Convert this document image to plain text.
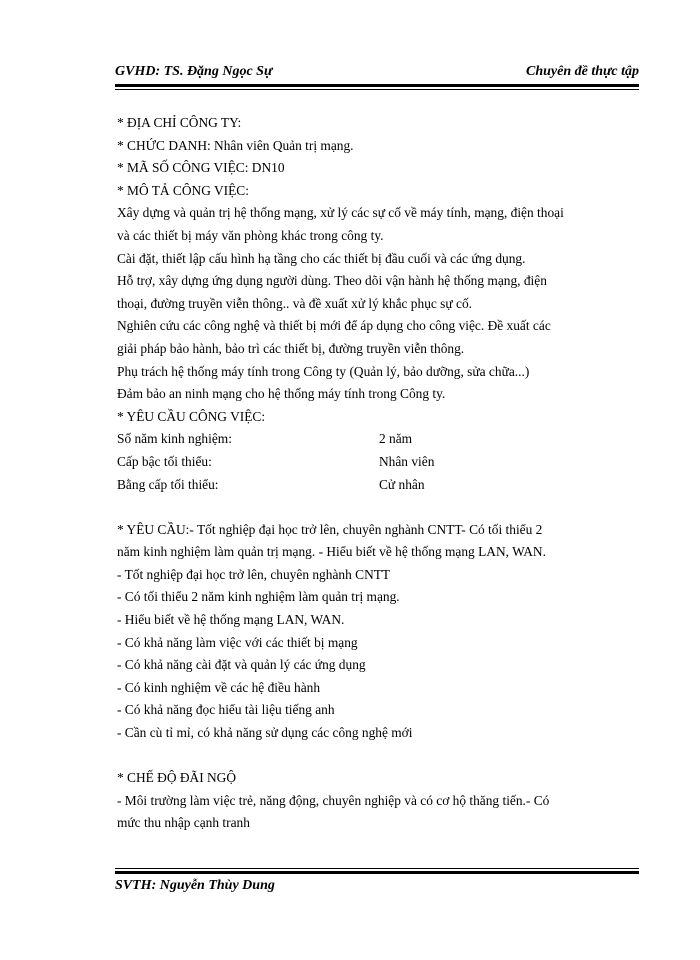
GVHD: TS. Đặng Ngọc Sự	Chuyên đề thực tập

* ĐỊA CHỈ CÔNG TY:

* CHỨC DANH: Nhân viên Quản trị mạng.

* MÃ SỐ CÔNG VIỆC: DN10

* MÔ TẢ CÔNG VIỆC:

Xây dựng và quản trị hệ thống mạng, xử lý các sự cố về máy tính, mạng, điện thoại

và các thiết bị máy văn phòng khác trong công ty.

Cài đặt, thiết lập cấu hình hạ tầng cho các thiết bị đầu cuối và các ứng dụng.

Hỗ trợ, xây dựng ứng dụng người dùng. Theo dõi vận hành hệ thống mạng, điện

thoại, đường truyền viễn thông.. và đề xuất xử lý khắc phục sự cố.

Nghiên cứu các công nghệ và thiết bị mới để áp dụng cho công việc. Đề xuất các

giải pháp bảo hành, bảo trì các thiết bị, đường truyền viễn thông.

Phụ trách hệ thống máy tính trong Công ty (Quản lý, bảo dưỡng, sửa chữa...)

Đảm bảo an ninh mạng cho hệ thống máy tính trong Công ty.

* YÊU CẦU CÔNG VIỆC:

Số năm kinh nghiệm:	2 năm
Cấp bậc tối thiểu:	Nhân viên
Bằng cấp tối thiểu:	Cử nhân

* YÊU CẦU:- Tốt nghiệp đại học trở lên, chuyên nghành CNTT- Có tối thiểu 2

năm kinh nghiệm làm quản trị mạng. - Hiểu biết về hệ thống mạng LAN, WAN.

- Tốt nghiệp đại học trở lên, chuyên nghành CNTT

- Có tối thiểu 2 năm kinh nghiệm làm quản trị mạng.

- Hiểu biết về hệ thống mạng LAN, WAN.

- Có khả năng làm việc với các thiết bị mạng

- Có khả năng cài đặt và quản lý các ứng dụng

- Có kinh nghiệm về các hệ điều hành

- Có khả năng đọc hiểu tài liệu tiếng anh

- Cần cù tỉ mỉ, có khả năng sử dụng các công nghệ mới

* CHẾ ĐỘ ĐÃI NGỘ

- Môi trường làm việc trẻ, năng động, chuyên nghiệp và có cơ hộ thăng tiến.- Có

mức thu nhập cạnh tranh

SVTH: Nguyễn Thùy Dung
